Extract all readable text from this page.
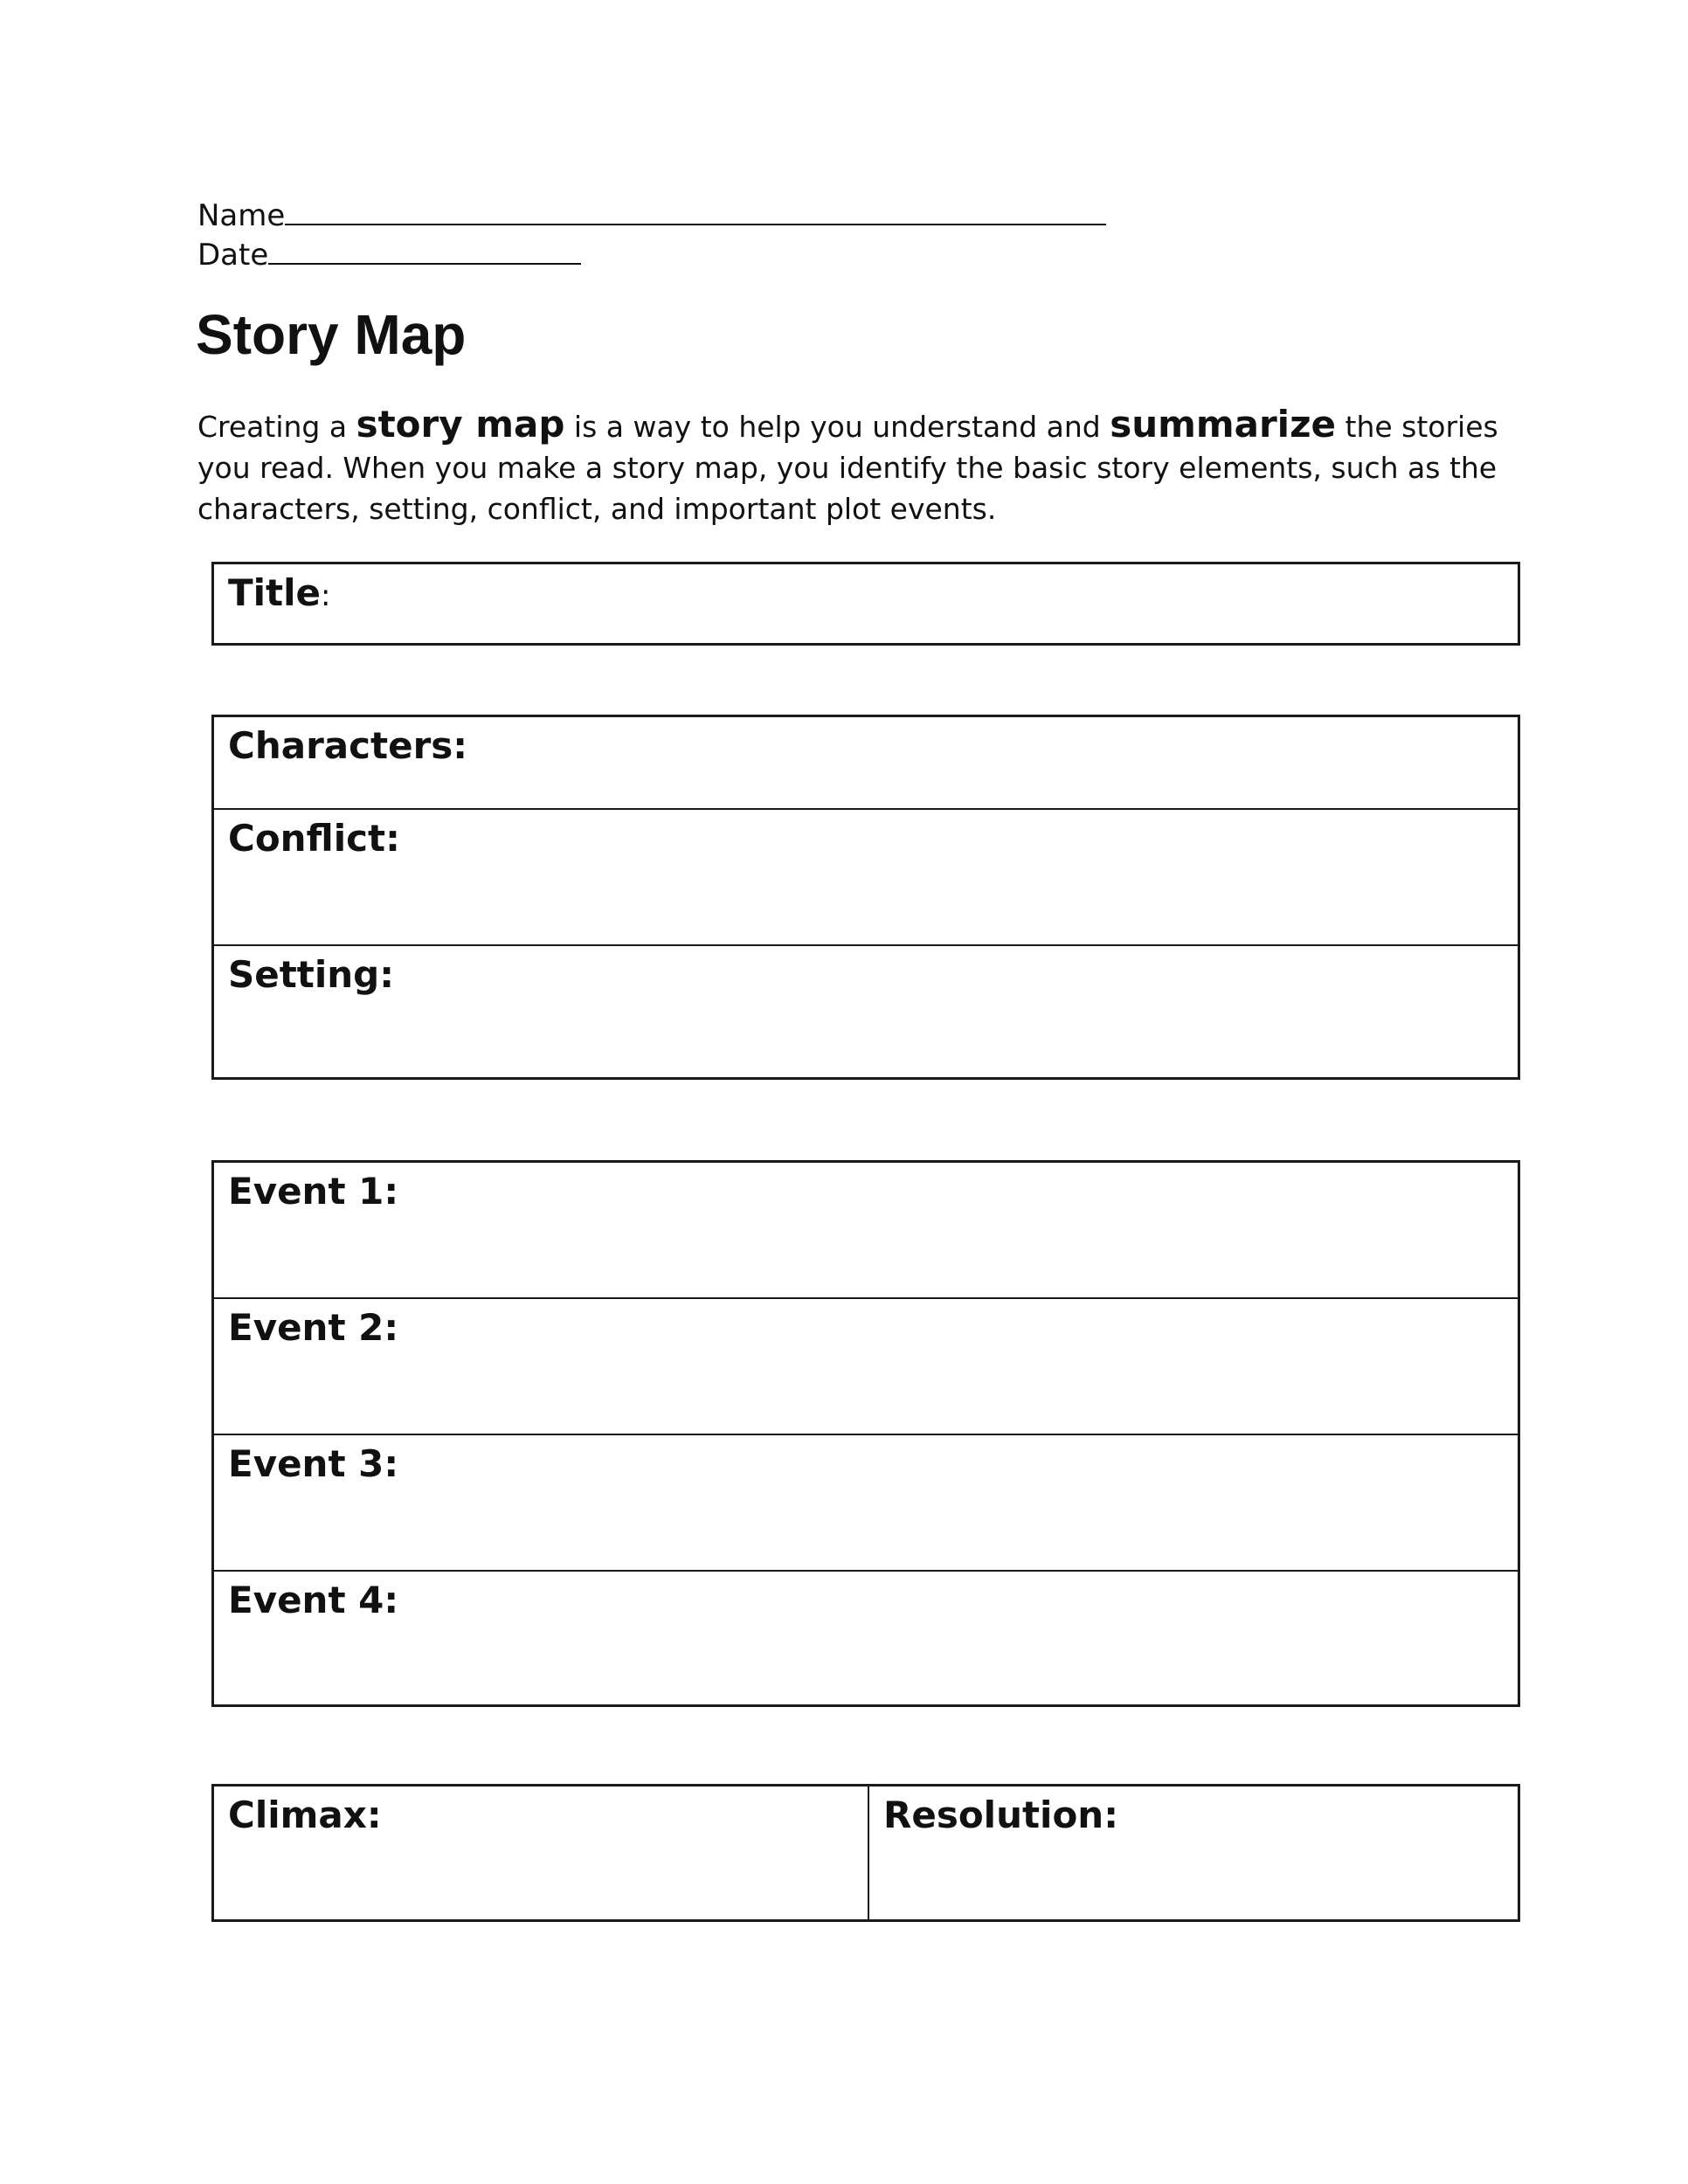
Name
Date
Story Map

Creating a story map is a way to help you understand and summarize the stories you read. When you make a story map, you identify the basic story elements, such as the characters, setting, conflict, and important plot events.

Title:
Characters:
Conflict:
Setting:
Event 1:
Event 2:
Event 3:
Event 4:
Climax:	Resolution:
